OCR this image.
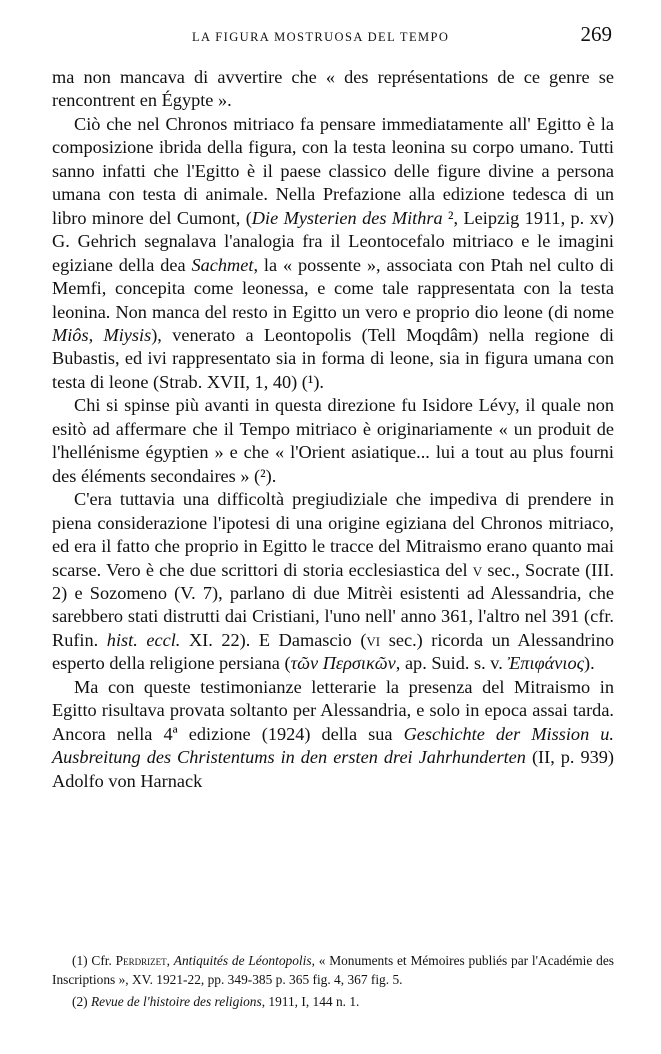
LA FIGURA MOSTRUOSA DEL TEMPO	269

ma non mancava di avvertire che « des représentations de ce genre se rencontrent en Égypte ».

Ciò che nel Chronos mitriaco fa pensare immediatamente all' Egitto è la composizione ibrida della figura, con la testa leonina su corpo umano. Tutti sanno infatti che l'Egitto è il paese classico delle figure divine a persona umana con testa di animale. Nella Prefazione alla edizione tedesca di un libro minore del Cumont, (Die Mysterien des Mithra ², Leipzig 1911, p. xv) G. Gehrich segnalava l'analogia fra il Leontocefalo mitriaco e le imagini egiziane della dea Sachmet, la « possente », associata con Ptah nel culto di Memfi, concepita come leonessa, e come tale rappresentata con la testa leonina. Non manca del resto in Egitto un vero e proprio dio leone (di nome Miôs, Miysis), venerato a Leontopolis (Tell Moqdâm) nella regione di Bubastis, ed ivi rappresentato sia in forma di leone, sia in figura umana con testa di leone (Strab. XVII, 1, 40) (¹).

Chi si spinse più avanti in questa direzione fu Isidore Lévy, il quale non esitò ad affermare che il Tempo mitriaco è originariamente « un produit de l'hellénisme égyptien » e che « l'Orient asiatique... lui a tout au plus fourni des éléments secondaires » (²).

C'era tuttavia una difficoltà pregiudiziale che impediva di prendere in piena considerazione l'ipotesi di una origine egiziana del Chronos mitriaco, ed era il fatto che proprio in Egitto le tracce del Mitraismo erano quanto mai scarse. Vero è che due scrittori di storia ecclesiastica del v sec., Socrate (III. 2) e Sozomeno (V. 7), parlano di due Mitrèi esistenti ad Alessandria, che sarebbero stati distrutti dai Cristiani, l'uno nell' anno 361, l'altro nel 391 (cfr. Rufin. hist. eccl. XI. 22). E Damascio (vi sec.) ricorda un Alessandrino esperto della religione persiana (τῶν Περσικῶν, ap. Suid. s. v. Ἐπιφάνιος).

Ma con queste testimonianze letterarie la presenza del Mitraismo in Egitto risultava provata soltanto per Alessandria, e solo in epoca assai tarda. Ancora nella 4ª edizione (1924) della sua Geschichte der Mission u. Ausbreitung des Christentums in den ersten drei Jahrhunderten (II, p. 939) Adolfo von Harnack

(1) Cfr. Perdrizet, Antiquités de Léontopolis, « Monuments et Mémoires publiés par l'Académie des Inscriptions », XV. 1921-22, pp. 349-385 p. 365 fig. 4, 367 fig. 5.

(2) Revue de l'histoire des religions, 1911, I, 144 n. 1.
